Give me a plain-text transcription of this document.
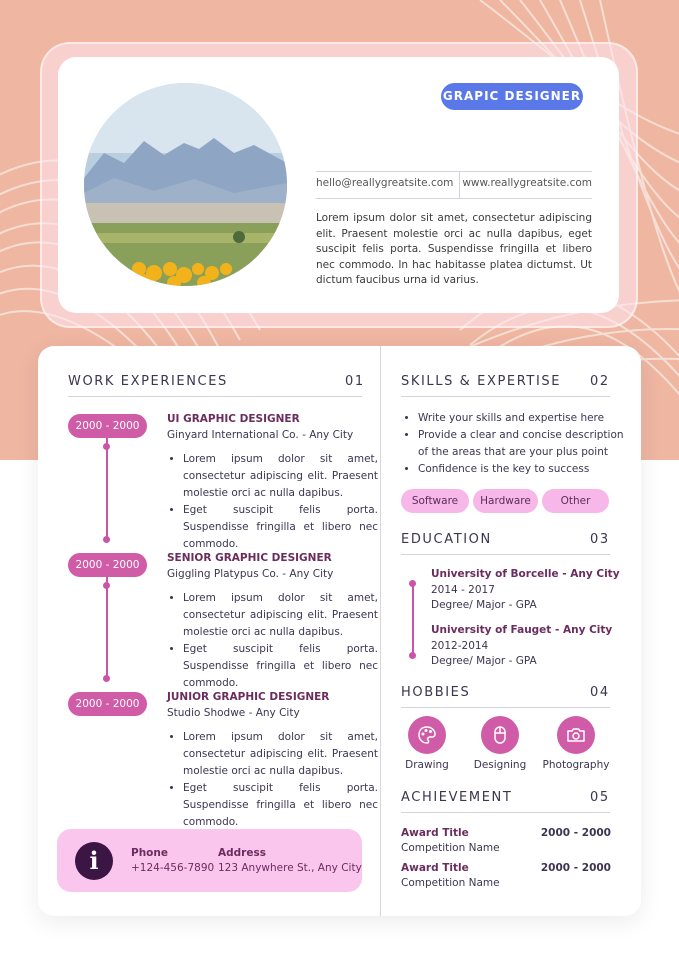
GRAPIC DESIGNER
hello@reallygreatsite.com www.reallygreatsite.com
Lorem ipsum dolor sit amet, consectetur adipiscing elit. Praesent molestie orci ac nulla dapibus, eget suscipit felis porta. Suspendisse fringilla et libero nec commodo. In hac habitasse platea dictumst. Ut dictum faucibus urna id varius.
WORK EXPERIENCES	01
2000 - 2000
UI GRAPHIC DESIGNER
Ginyard International Co. - Any City
• Lorem ipsum dolor sit amet, consectetur adipiscing elit. Praesent molestie orci ac nulla dapibus.
• Eget suscipit felis porta. Suspendisse fringilla et libero nec commodo.
2000 - 2000
SENIOR GRAPHIC DESIGNER
Giggling Platypus Co. - Any City
• Lorem ipsum dolor sit amet, consectetur adipiscing elit. Praesent molestie orci ac nulla dapibus.
• Eget suscipit felis porta. Suspendisse fringilla et libero nec commodo.
2000 - 2000
JUNIOR GRAPHIC DESIGNER
Studio Shodwe - Any City
• Lorem ipsum dolor sit amet, consectetur adipiscing elit. Praesent molestie orci ac nulla dapibus.
• Eget suscipit felis porta. Suspendisse fringilla et libero nec commodo.
i	Phone
+124-456-7890
Address
123 Anywhere St., Any City
SKILLS & EXPERTISE 02
• Write your skills and expertise here
• Provide a clear and concise description of the areas that are your plus point
• Confidence is the key to success
Software	Hardware	Other
EDUCATION	03
University of Borcelle - Any City
2014 - 2017
Degree/ Major - GPA
University of Fauget - Any City
2012-2014
Degree/ Major - GPA
HOBBIES	04
Drawing	Designing	Photography
ACHIEVEMENT	05
Award Title	2000 - 2000
Competition Name
Award Title	2000 - 2000
Competition Name
